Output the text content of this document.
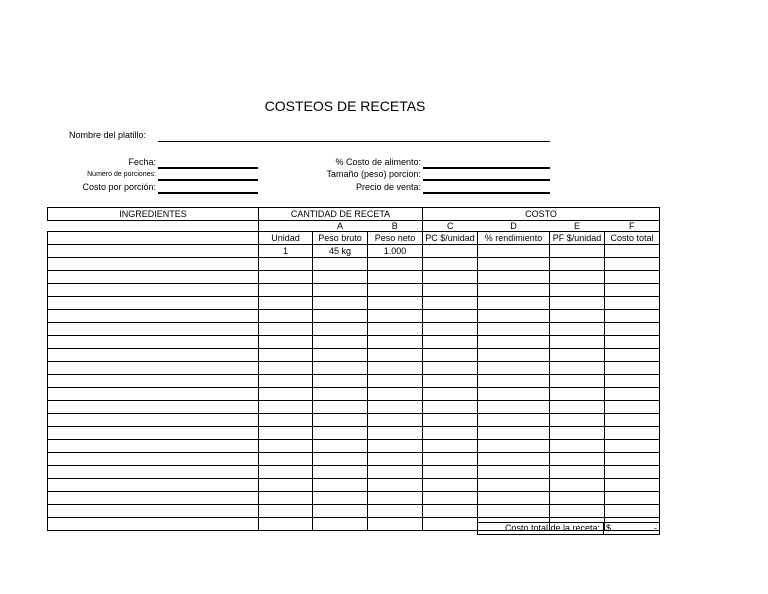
COSTEOS DE RECETAS
Nombre del platillo:
Fecha:
Numero de porciones:
Costo por porción:
% Costo de alimento:
Tamaño (peso) porcion:
Precio de venta:
INGREDIENTES	CANTIDAD DE RECETA			COSTO			
		A	B	C	D	E	F
	Unidad	Peso bruto	Peso neto	PC $/unidad	% rendimiento	PF $/unidad	Costo total
	1	45 kg	1.000				

Costo total de la receta: $	-
